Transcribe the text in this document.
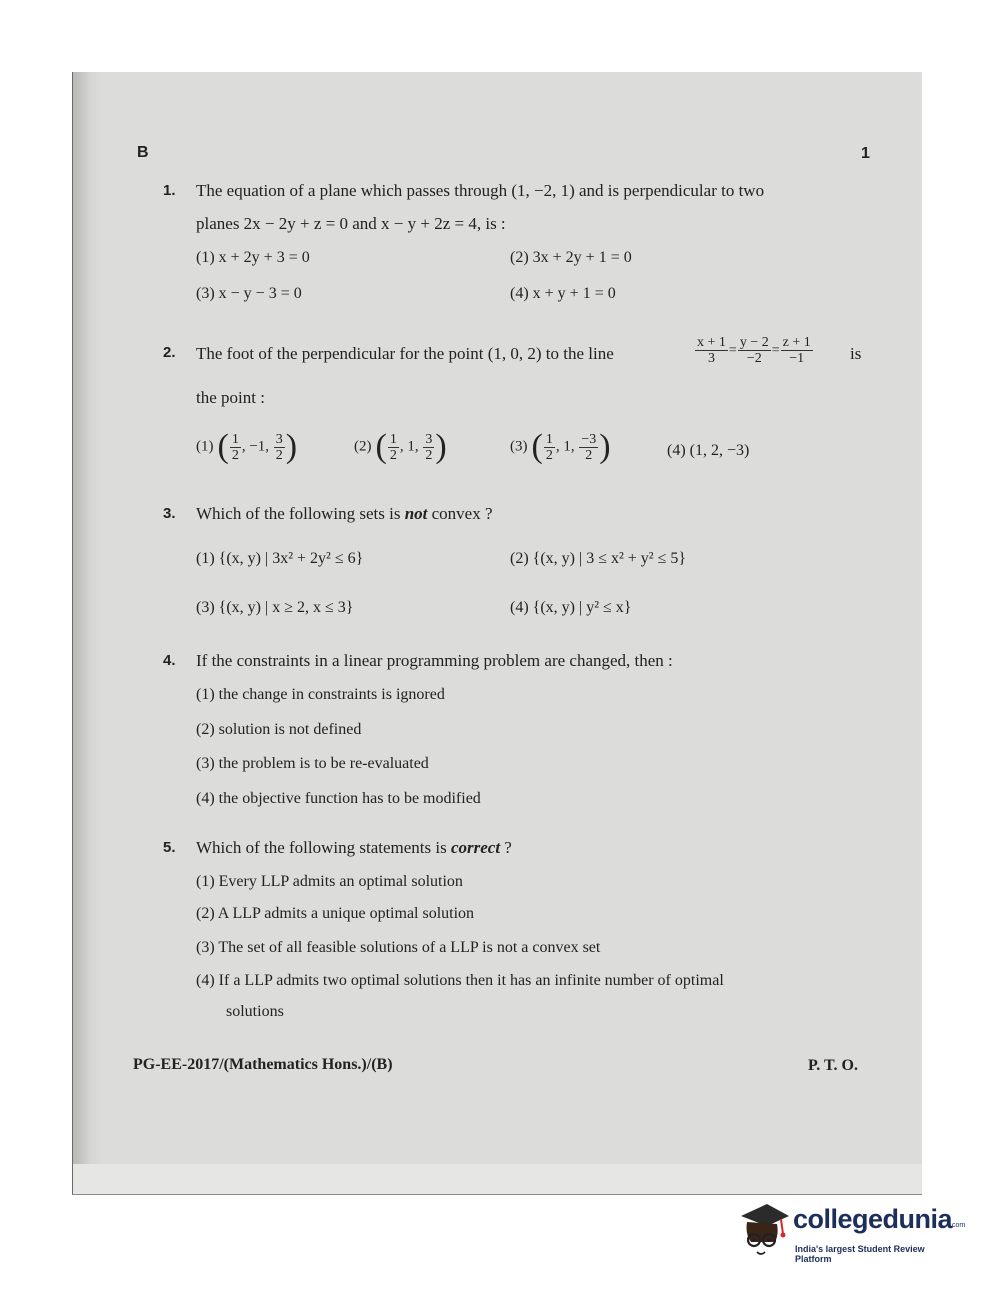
B	1
1. The equation of a plane which passes through (1, −2, 1) and is perpendicular to two
planes 2x − 2y + z = 0 and x − y + 2z = 4, is :
(1) x + 2y + 3 = 0	(2) 3x + 2y + 1 = 0
(3) x − y − 3 = 0	(4) x + y + 1 = 0
2. The foot of the perpendicular for the point (1, 0, 2) to the line	$\frac{x + 1}{3} = \frac{y - 2}{-2} = \frac{z + 1}{-1}$ is
the point :
(1) ( $\frac{1}{2}$ , −1, $\frac{3}{2}$ )	(2) ( $\frac{1}{2}$ , 1, $\frac{3}{2}$ )	(3) ( $\frac{1}{2}$ , 1, $\frac{-3}{2}$ )	(4) (1, 2, −3)
3. Which of the following sets is not convex ?
(1) {(x, y) | 3x² + 2y² ≤ 6}	(2) {(x, y) | 3 ≤ x² + y² ≤ 5}
(3) {(x, y) | x ≥ 2, x ≤ 3}	(4) {(x, y) | y² ≤ x}
4. If the constraints in a linear programming problem are changed, then :
(1) the change in constraints is ignored
(2) solution is not defined
(3) the problem is to be re-evaluated
(4) the objective function has to be modified
5. Which of the following statements is correct ?
(1) Every LLP admits an optimal solution
(2) A LLP admits a unique optimal solution
(3) The set of all feasible solutions of a LLP is not a convex set
(4) If a LLP admits two optimal solutions then it has an infinite number of optimal
solutions
PG-EE-2017/(Mathematics Hons.)/(B)	P. T. O.
collegedunia
.com
India's largest Student Review Platform
